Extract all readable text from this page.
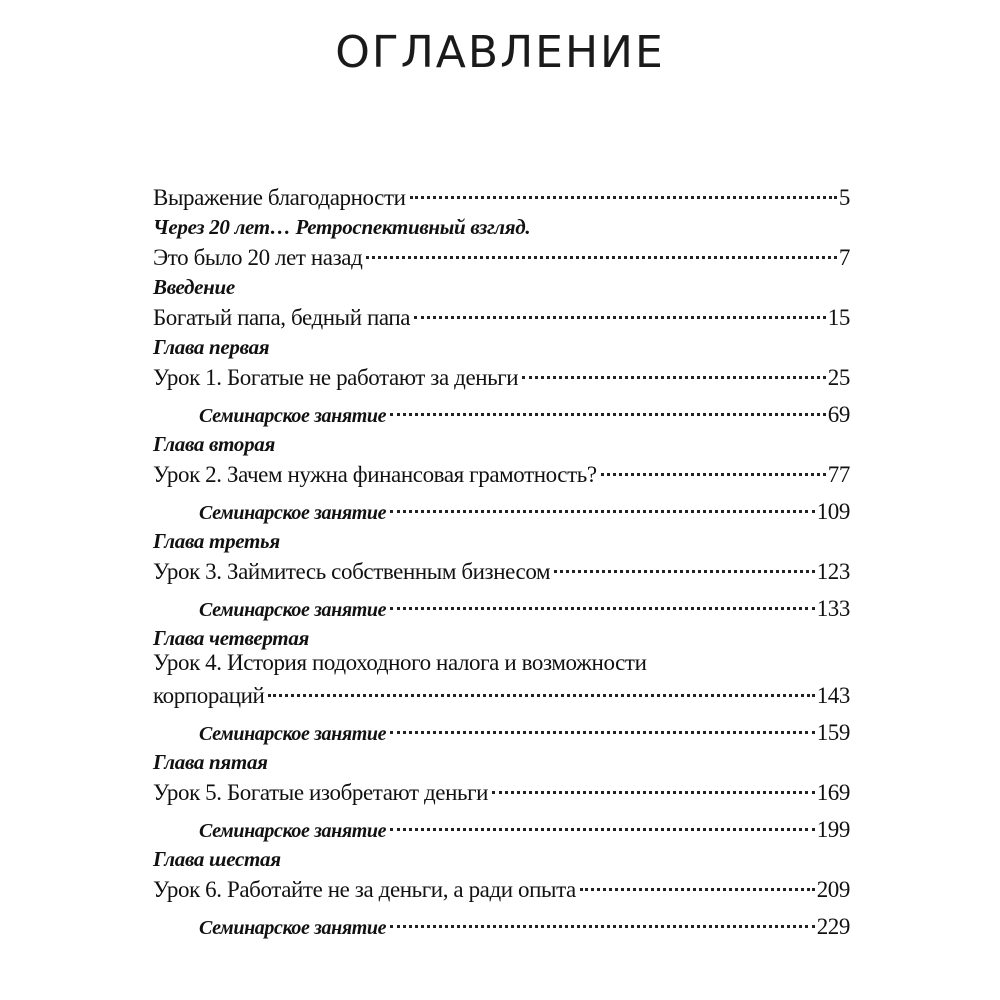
ОГЛАВЛЕНИЕ
Выражение благодарности	5
Через 20 лет… Ретроспективный взгляд.
Это было 20 лет назад	7
Введение
Богатый папа, бедный папа	15
Глава первая
Урок 1. Богатые не работают за деньги	25
Семинарское занятие	69
Глава вторая
Урок 2. Зачем нужна финансовая грамотность?	77
Семинарское занятие	109
Глава третья
Урок 3. Займитесь собственным бизнесом	123
Семинарское занятие	133
Глава четвертая
Урок 4. История подоходного налога и возможности
корпораций	143
Семинарское занятие	159
Глава пятая
Урок 5. Богатые изобретают деньги	169
Семинарское занятие	199
Глава шестая
Урок 6. Работайте не за деньги, а ради опыта	209
Семинарское занятие	229
